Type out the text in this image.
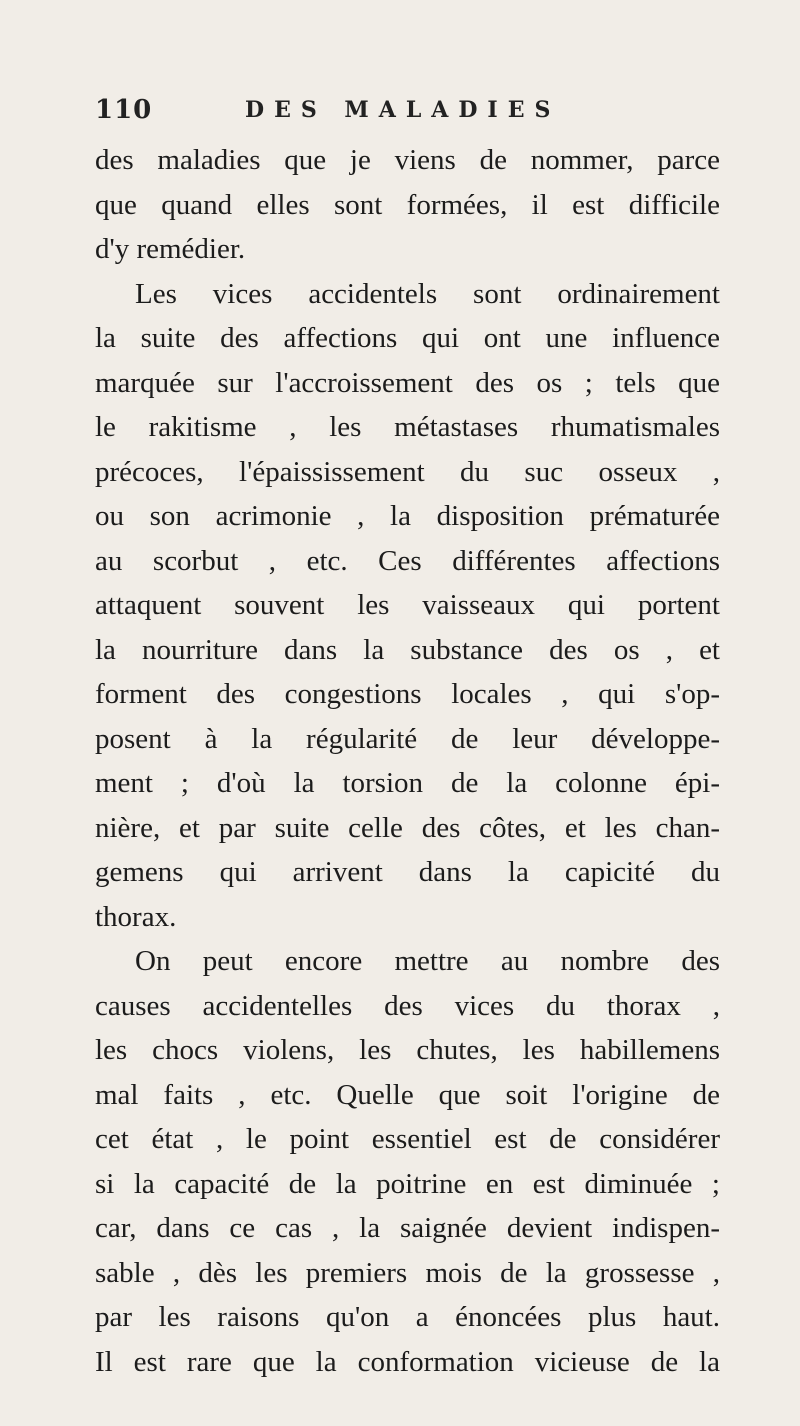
110	DES MALADIES
des maladies que je viens de nommer, parce
que quand elles sont formées, il est difficile
d'y remédier.
Les vices accidentels sont ordinairement
la suite des affections qui ont une influence
marquée sur l'accroissement des os ; tels que
le rakitisme , les métastases rhumatismales
précoces, l'épaississement du suc osseux ,
ou son acrimonie , la disposition prématurée
au scorbut , etc. Ces différentes affections
attaquent souvent les vaisseaux qui portent
la nourriture dans la substance des os , et
forment des congestions locales , qui s'op-
posent à la régularité de leur développe-
ment ; d'où la torsion de la colonne épi-
nière, et par suite celle des côtes, et les chan-
gemens qui arrivent dans la capicité du
thorax.
On peut encore mettre au nombre des
causes accidentelles des vices du thorax ,
les chocs violens, les chutes, les habillemens
mal faits , etc. Quelle que soit l'origine de
cet état , le point essentiel est de considérer
si la capacité de la poitrine en est diminuée ;
car, dans ce cas , la saignée devient indispen-
sable , dès les premiers mois de la grossesse ,
par les raisons qu'on a énoncées plus haut.
Il est rare que la conformation vicieuse de la
